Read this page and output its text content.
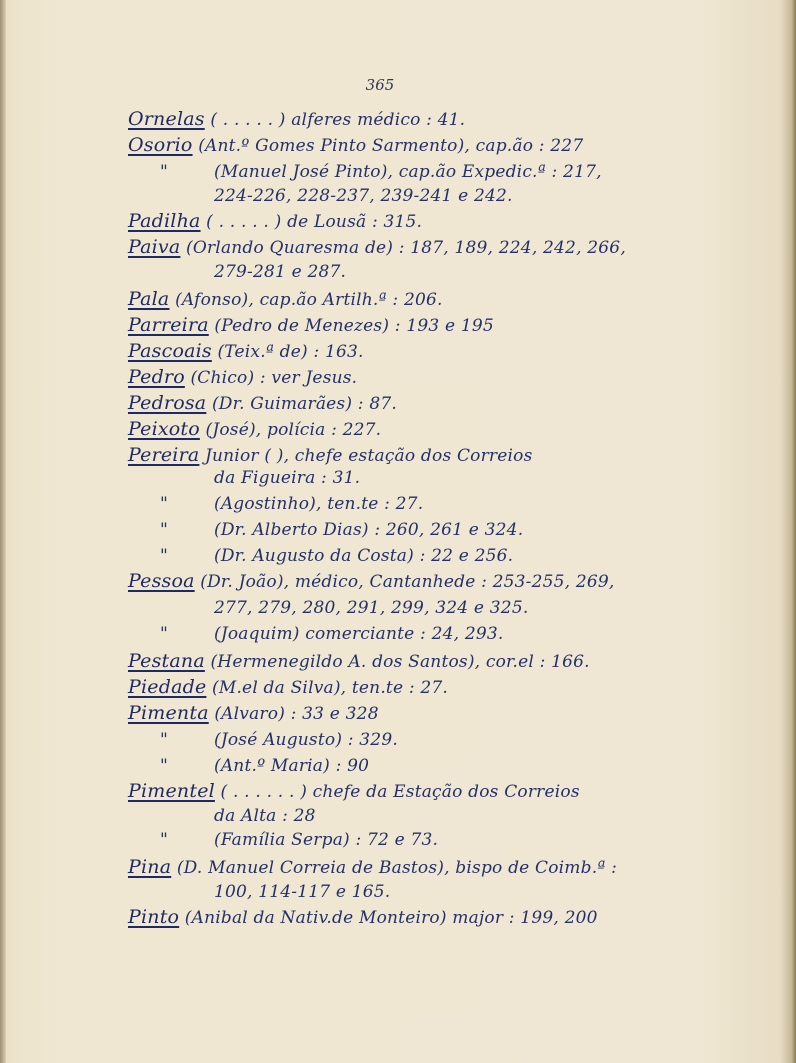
365
Ornelas ( . . . . . ) alferes médico : 41.
Osorio (Ant.º Gomes Pinto Sarmento), cap.ão : 227
"	(Manuel José Pinto), cap.ão Expedic.ª : 217,
224-226, 228-237, 239-241 e 242.
Padilha ( . . . . . ) de Lousã : 315.
Paiva (Orlando Quaresma de) : 187, 189, 224, 242, 266,
279-281 e 287.
Pala (Afonso), cap.ão Artilh.ª : 206.
Parreira (Pedro de Menezes) : 193 e 195
Pascoais (Teix.ª de) : 163.
Pedro (Chico) : ver Jesus.
Pedrosa (Dr. Guimarães) : 87.
Peixoto (José), polícia : 227.
Pereira Junior ( ), chefe estação dos Correios
da Figueira : 31.
"	(Agostinho), ten.te : 27.
"	(Dr. Alberto Dias) : 260, 261 e 324.
"	(Dr. Augusto da Costa) : 22 e 256.
Pessoa (Dr. João), médico, Cantanhede : 253-255, 269,
277, 279, 280, 291, 299, 324 e 325.
"	(Joaquim) comerciante : 24, 293.
Pestana (Hermenegildo A. dos Santos), cor.el : 166.
Piedade (M.el da Silva), ten.te : 27.
Pimenta (Alvaro) : 33 e 328
"	(José Augusto) : 329.
"	(Ant.º Maria) : 90
Pimentel ( . . . . . . ) chefe da Estação dos Correios
da Alta : 28
"	(Família Serpa) : 72 e 73.
Pina (D. Manuel Correia de Bastos), bispo de Coimb.ª :
100, 114-117 e 165.
Pinto (Anibal da Nativ.de Monteiro) major : 199, 200
